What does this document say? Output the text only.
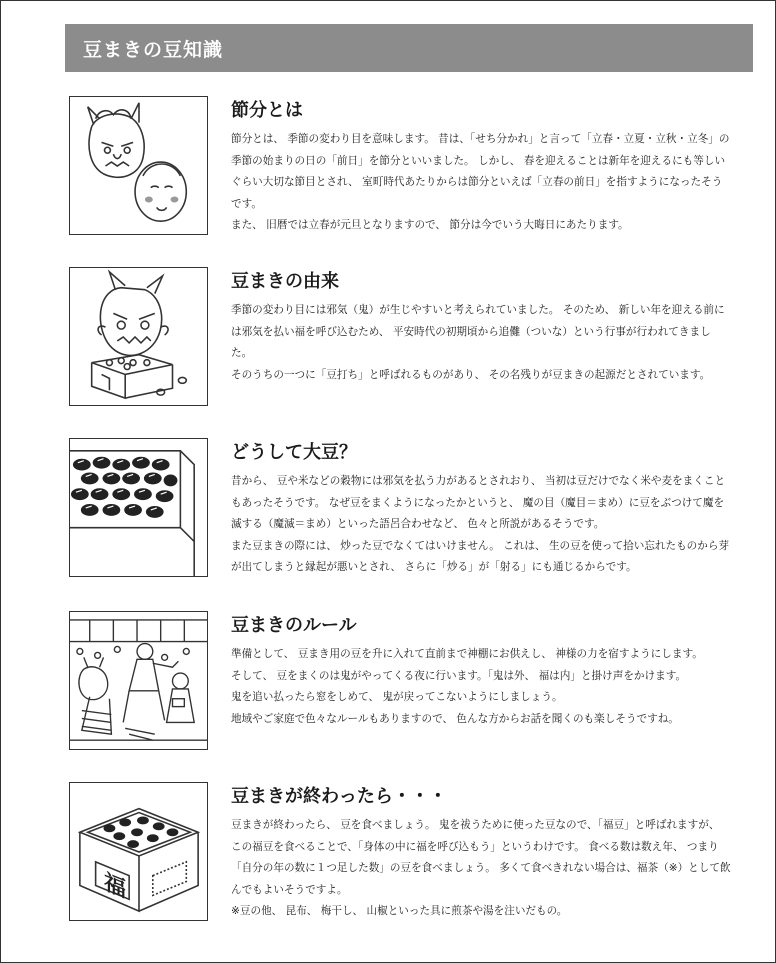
豆まきの豆知識
節分とは

節分とは、 季節の変わり目を意味します。 昔は、「せち分かれ」と言って「立春・立夏・立秋・立冬」の季節の始まりの日の「前日」を節分といいました。 しかし、 春を迎えることは新年を迎えるにも等しいぐらい大切な節目とされ、 室町時代あたりからは節分といえば「立春の前日」を指すようになったそうです。

また、 旧暦では立春が元旦となりますので、 節分は今でいう大晦日にあたります。

豆まきの由来

季節の変わり目には邪気（鬼）が生じやすいと考えられていました。 そのため、 新しい年を迎える前には邪気を払い福を呼び込むため、 平安時代の初期頃から追儺（ついな）という行事が行われてきました。

そのうちの一つに「豆打ち」と呼ばれるものがあり、 その名残りが豆まきの起源だとされています。

どうして大豆？

昔から、 豆や米などの穀物には邪気を払う力があるとされおり、 当初は豆だけでなく米や麦をまくこともあったそうです。 なぜ豆をまくようになったかというと、 魔の目（魔目＝まめ）に豆をぶつけて魔を滅する（魔滅＝まめ）といった語呂合わせなど、 色々と所説があるそうです。

また豆まきの際には、 炒った豆でなくてはいけません。 これは、 生の豆を使って拾い忘れたものから芽が出てしまうと縁起が悪いとされ、 さらに「炒る」が「射る」にも通じるからです。

豆まきのルール

準備として、 豆まき用の豆を升に入れて直前まで神棚にお供えし、 神様の力を宿すようにします。

そして、 豆をまくのは鬼がやってくる夜に行います。「鬼は外、 福は内」と掛け声をかけます。

鬼を追い払ったら窓をしめて、 鬼が戻ってこないようにしましょう。

地域やご家庭で色々なルールもありますので、 色んな方からお話を聞くのも楽しそうですね。

福
豆まきが終わったら・・・

豆まきが終わったら、 豆を食べましょう。 鬼を祓うために使った豆なので、「福豆」と呼ばれますが、 この福豆を食べることで、「身体の中に福を呼び込もう」というわけです。 食べる数は数え年、 つまり「自分の年の数に１つ足した数」の豆を食べましょう。 多くて食べきれない場合は、福茶（※）として飲んでもよいそうですよ。

※豆の他、 昆布、 梅干し、 山椒といった具に煎茶や湯を注いだもの。
